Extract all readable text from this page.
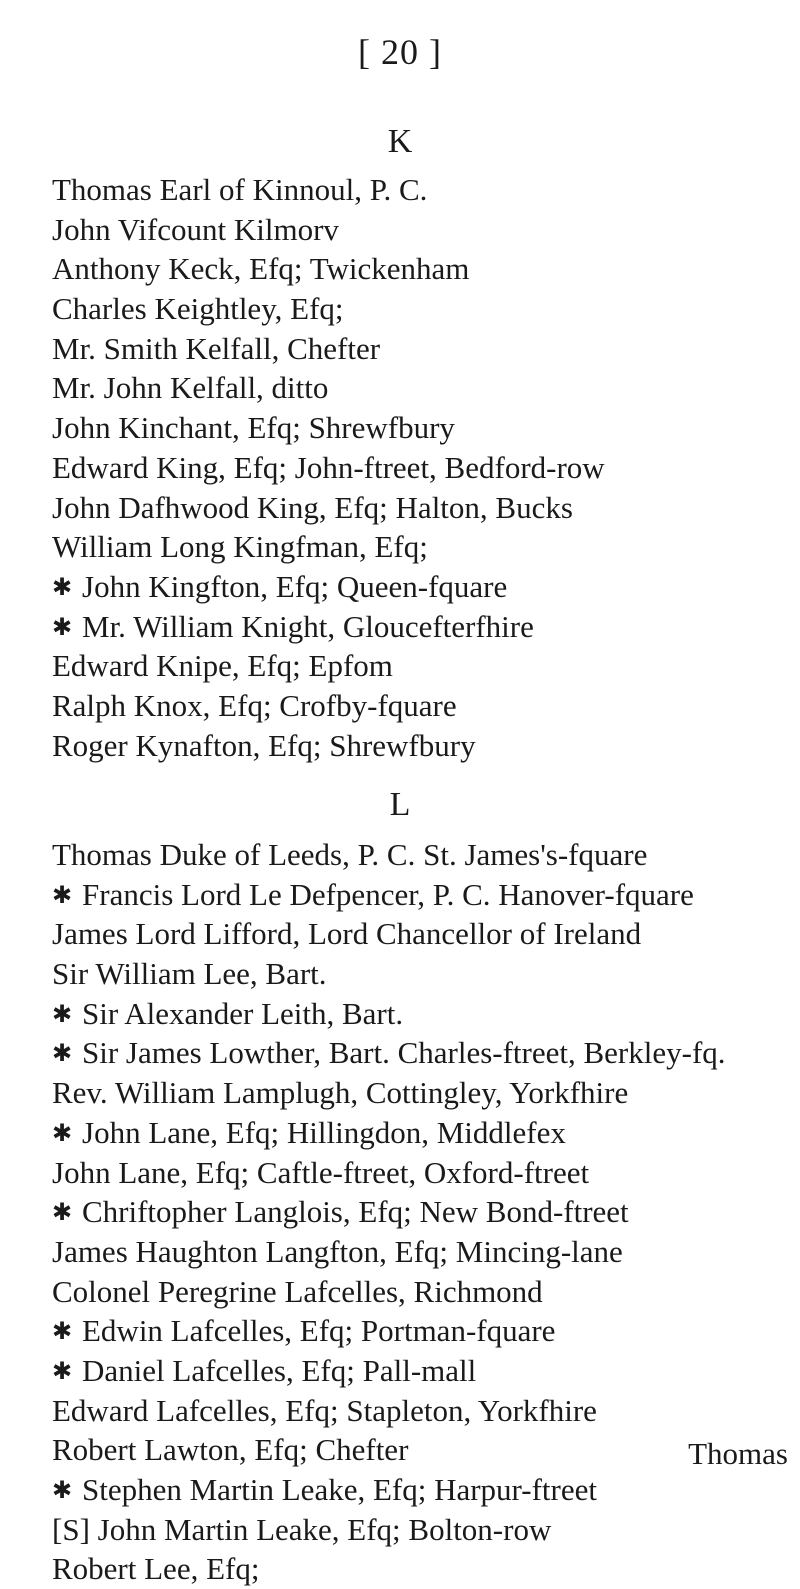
[ 20 ]
K
Thomas Earl of Kinnoul, P. C.
John Vifcount Kilmorv
Anthony Keck, Efq; Twickenham
Charles Keightley, Efq;
Mr. Smith Kelfall, Chefter
Mr. John Kelfall, ditto
John Kinchant, Efq; Shrewfbury
Edward King, Efq; John-ftreet, Bedford-row
John Dafhwood King, Efq; Halton, Bucks
William Long Kingfman, Efq;
✱ John Kingfton, Efq; Queen-fquare
✱ Mr. William Knight, Gloucefterfhire
Edward Knipe, Efq; Epfom
Ralph Knox, Efq; Crofby-fquare
Roger Kynafton, Efq; Shrewfbury
L
Thomas Duke of Leeds, P. C. St. James's-fquare
✱ Francis Lord Le Defpencer, P. C. Hanover-fquare
James Lord Lifford, Lord Chancellor of Ireland
Sir William Lee, Bart.
✱ Sir Alexander Leith, Bart.
✱ Sir James Lowther, Bart. Charles-ftreet, Berkley-fq.
Rev. William Lamplugh, Cottingley, Yorkfhire
✱ John Lane, Efq; Hillingdon, Middlefex
John Lane, Efq; Caftle-ftreet, Oxford-ftreet
✱ Chriftopher Langlois, Efq; New Bond-ftreet
James Haughton Langfton, Efq; Mincing-lane
Colonel Peregrine Lafcelles, Richmond
✱ Edwin Lafcelles, Efq; Portman-fquare
✱ Daniel Lafcelles, Efq; Pall-mall
Edward Lafcelles, Efq; Stapleton, Yorkfhire
Robert Lawton, Efq; Chefter
✱ Stephen Martin Leake, Efq; Harpur-ftreet
[S] John Martin Leake, Efq; Bolton-row
Robert Lee, Efq;
Thomas
